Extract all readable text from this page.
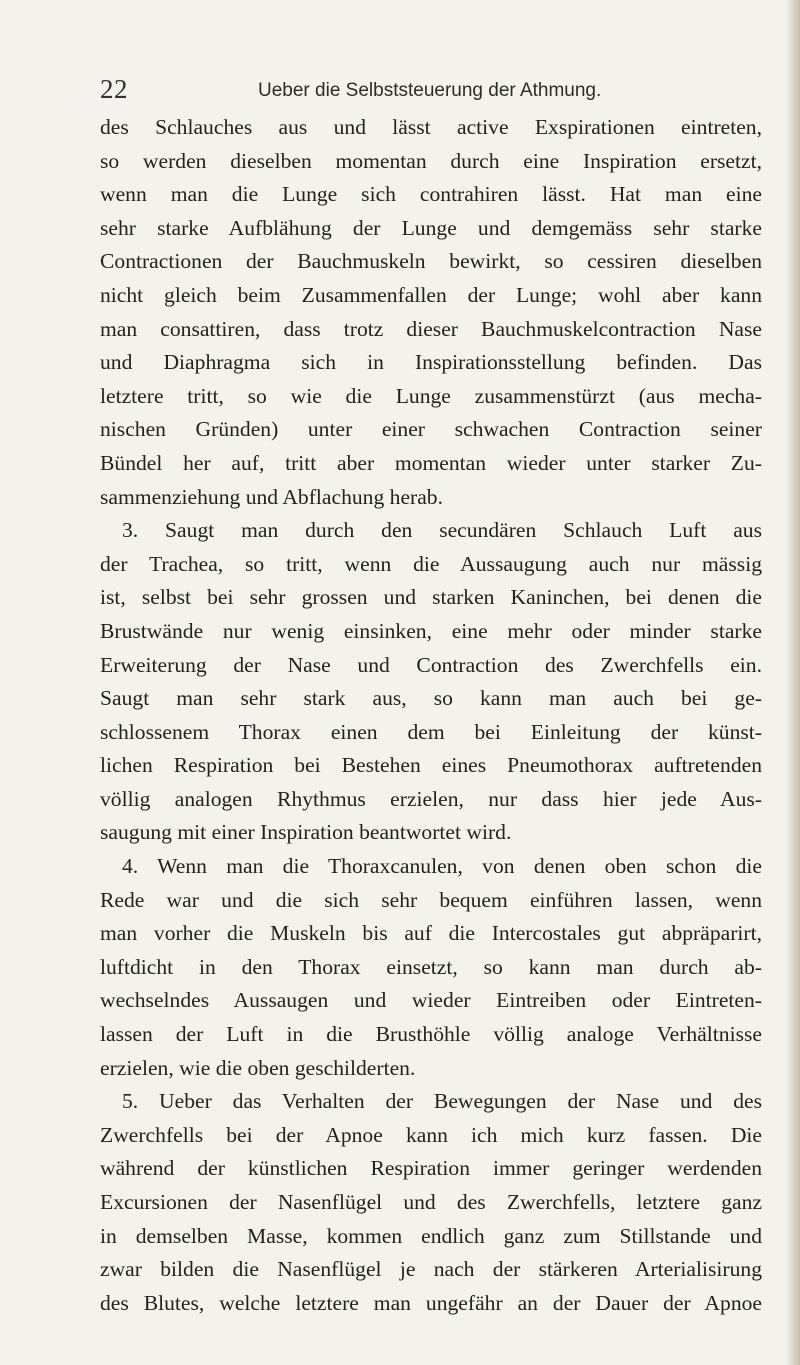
22	Ueber die Selbststeuerung der Athmung.
des Schlauches aus und lässt active Exspirationen eintreten,
so werden dieselben momentan durch eine Inspiration ersetzt,
wenn man die Lunge sich contrahiren lässt. Hat man eine
sehr starke Aufblähung der Lunge und demgemäss sehr starke
Contractionen der Bauchmuskeln bewirkt, so cessiren dieselben
nicht gleich beim Zusammenfallen der Lunge; wohl aber kann
man consattiren, dass trotz dieser Bauchmuskelcontraction Nase
und Diaphragma sich in Inspirationsstellung befinden. Das
letztere tritt, so wie die Lunge zusammenstürzt (aus mecha-
nischen Gründen) unter einer schwachen Contraction seiner
Bündel her auf, tritt aber momentan wieder unter starker Zu-
sammenziehung und Abflachung herab.
3. Saugt man durch den secundären Schlauch Luft aus
der Trachea, so tritt, wenn die Aussaugung auch nur mässig
ist, selbst bei sehr grossen und starken Kaninchen, bei denen die
Brustwände nur wenig einsinken, eine mehr oder minder starke
Erweiterung der Nase und Contraction des Zwerchfells ein.
Saugt man sehr stark aus, so kann man auch bei ge-
schlossenem Thorax einen dem bei Einleitung der künst-
lichen Respiration bei Bestehen eines Pneumothorax auftretenden
völlig analogen Rhythmus erzielen, nur dass hier jede Aus-
saugung mit einer Inspiration beantwortet wird.
4. Wenn man die Thoraxcanulen, von denen oben schon die
Rede war und die sich sehr bequem einführen lassen, wenn
man vorher die Muskeln bis auf die Intercostales gut abpräparirt,
luftdicht in den Thorax einsetzt, so kann man durch ab-
wechselndes Aussaugen und wieder Eintreiben oder Eintreten-
lassen der Luft in die Brusthöhle völlig analoge Verhältnisse
erzielen, wie die oben geschilderten.
5. Ueber das Verhalten der Bewegungen der Nase und des
Zwerchfells bei der Apnoe kann ich mich kurz fassen. Die
während der künstlichen Respiration immer geringer werdenden
Excursionen der Nasenflügel und des Zwerchfells, letztere ganz
in demselben Masse, kommen endlich ganz zum Stillstande und
zwar bilden die Nasenflügel je nach der stärkeren Arterialisirung
des Blutes, welche letztere man ungefähr an der Dauer der Apnoe
